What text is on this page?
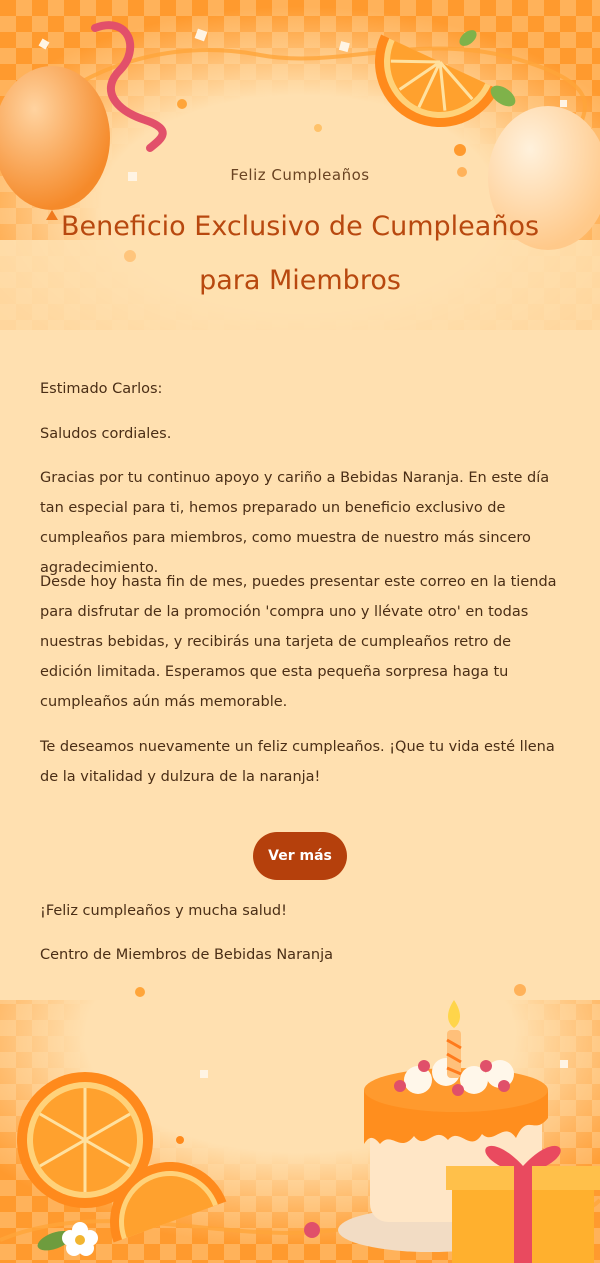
Feliz Cumpleaños
Beneficio Exclusivo de Cumpleaños para Miembros

Estimado Carlos:

Saludos cordiales.

Gracias por tu continuo apoyo y cariño a Bebidas Naranja. En este día tan especial para ti, hemos preparado un beneficio exclusivo de cumpleaños para miembros, como muestra de nuestro más sincero agradecimiento.

Desde hoy hasta fin de mes, puedes presentar este correo en la tienda para disfrutar de la promoción 'compra uno y llévate otro' en todas nuestras bebidas, y recibirás una tarjeta de cumpleaños retro de edición limitada. Esperamos que esta pequeña sorpresa haga tu cumpleaños aún más memorable.

Te deseamos nuevamente un feliz cumpleaños. ¡Que tu vida esté llena de la vitalidad y dulzura de la naranja!

Ver más

¡Feliz cumpleaños y mucha salud!

Centro de Miembros de Bebidas Naranja
